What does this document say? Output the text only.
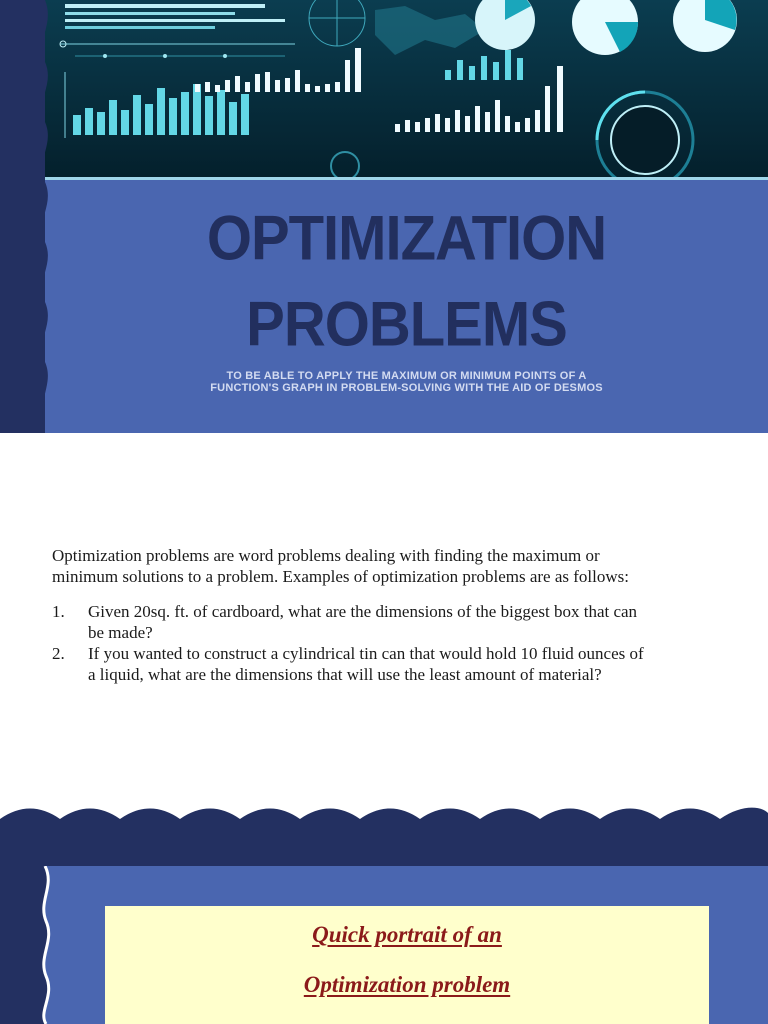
OPTIMIZATION
PROBLEMS
TO BE ABLE TO APPLY THE MAXIMUM OR MINIMUM POINTS OF A
FUNCTION'S GRAPH IN PROBLEM-SOLVING WITH THE AID OF DESMOS

Optimization problems are word problems dealing with finding the maximum or
minimum solutions to a problem. Examples of optimization problems are as follows:

1. Given 20sq. ft. of cardboard, what are the dimensions of the biggest box that can
be made?
2. If you wanted to construct a cylindrical tin can that would hold 10 fluid ounces of
a liquid, what are the dimensions that will use the least amount of material?
Quick portrait of an
Optimization problem
